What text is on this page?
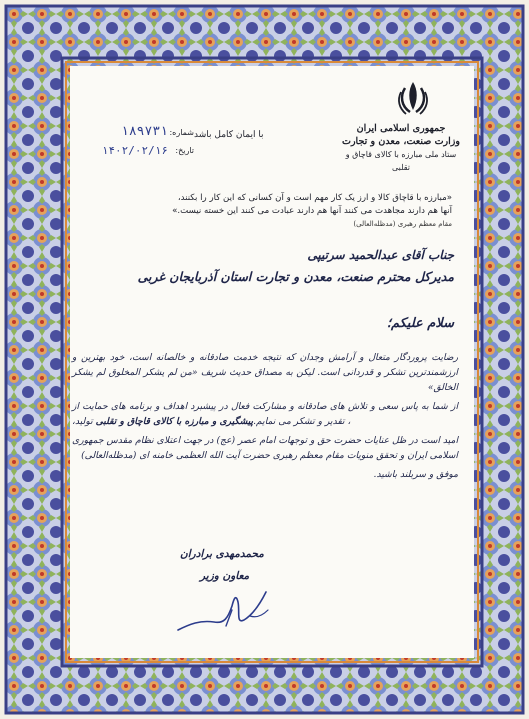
جمهوری اسلامی ایران
وزارت صنعت، معدن و تجارت
ستاد ملی مبارزه با کالای قاچاق و تقلبی
با ایمان کامل باشد
شماره:
۱۸۹۷۳۱
تاریخ:
۱۴۰۲/۰۲/۱۶
«مبارزه با قاچاق کالا و ارز یک کار مهم است و آن کسانی که این کار را بکنند،
آنها هم دارند مجاهدت می کنند آنها هم دارند عبادت می کنند این خسته نیست.»
مقام معظم رهبری (مدظله‌العالی)
جناب آقای عبدالحمید سرتیپی
مدیرکل محترم صنعت، معدن و تجارت استان آذربایجان غربی
سلام علیکم؛

رضایت پروردگار متعال و آرامش وجدان که نتیجه خدمت صادقانه و خالصانه است، خود بهترین و ارزشمندترین تشکر و قدردانی است. لیکن به مصداق حدیث شریف «من لم یشکر المخلوق لم یشکر الخالق»

از شما به پاس سعی و تلاش های صادقانه و مشارکت فعال در پیشبرد اهداف و برنامه های حمایت از تولید، پیشگیری و مبارزه با کالای قاچاق و تقلبی، تقدیر و تشکر می نمایم.

امید است در ظل عنایات حضرت حق و توجهات امام عصر (عج) در جهت اعتلای نظام مقدس جمهوری اسلامی ایران و تحقق منویات مقام معظم رهبری حضرت آیت الله العظمی خامنه ای (مدظله‌العالی)

موفق و سربلند باشید.

محمدمهدی برادران
معاون وزیر
